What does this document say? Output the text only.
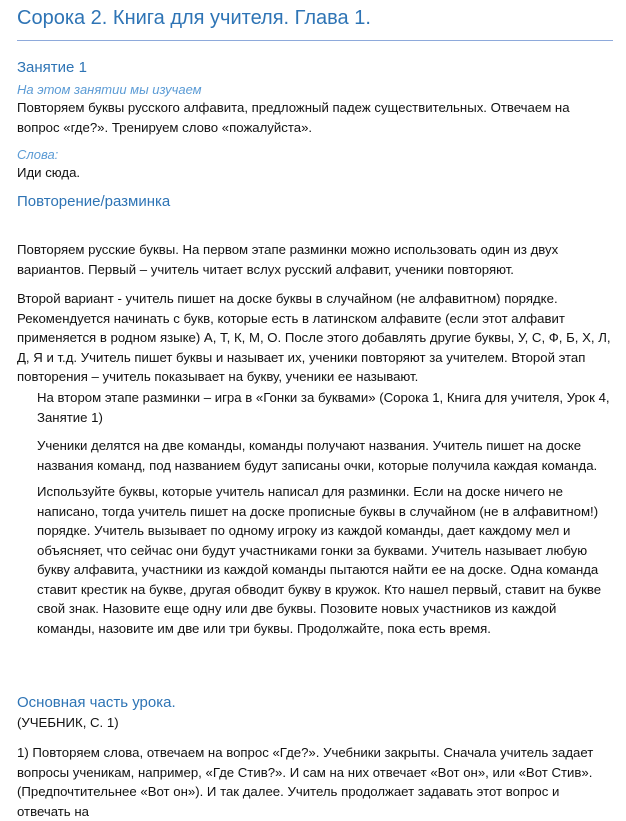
Сорока 2. Книга для учителя. Глава 1.
Занятие 1
На этом занятии мы изучаем
Повторяем буквы русского алфавита, предложный падеж существительных. Отвечаем на вопрос «где?». Тренируем слово «пожалуйста».
Слова:
Иди сюда.
Повторение/разминка
Повторяем русские буквы. На первом этапе разминки можно использовать один из двух вариантов. Первый – учитель читает вслух русский алфавит, ученики повторяют.
Второй вариант - учитель пишет на доске буквы в случайном (не алфавитном) порядке. Рекомендуется начинать с букв, которые есть в латинском алфавите (если этот алфавит применяется в родном языке) А, Т, К, М, О. После этого добавлять другие буквы, У, С, Ф, Б, Х, Л, Д, Я и т.д. Учитель пишет буквы и называет их, ученики повторяют за учителем. Второй этап повторения – учитель показывает на букву, ученики ее называют.
На втором этапе разминки – игра в «Гонки за буквами» (Сорока 1, Книга для учителя, Урок 4, Занятие 1)
Ученики делятся на две команды, команды получают названия. Учитель пишет на доске названия команд, под названием будут записаны очки, которые получила каждая команда.
Используйте буквы, которые учитель написал для разминки. Если на доске ничего не написано, тогда учитель пишет на доске прописные буквы в случайном (не в алфавитном!) порядке. Учитель вызывает по одному игроку из каждой команды, дает каждому мел и объясняет, что сейчас они будут участниками гонки за буквами. Учитель называет любую букву алфавита, участники из каждой команды пытаются найти ее на доске. Одна команда ставит крестик на букве, другая обводит букву в кружок. Кто нашел первый, ставит на букве свой знак. Назовите еще одну или две буквы. Позовите новых участников из каждой команды, назовите им две или три буквы. Продолжайте, пока есть время.
Основная часть урока.
(УЧЕБНИК, С. 1)
1) Повторяем слова, отвечаем на вопрос «Где?». Учебники закрыты. Сначала учитель задает вопросы ученикам, например, «Где Стив?». И сам на них отвечает «Вот он», или «Вот Стив». (Предпочтительнее «Вот он»). И так далее. Учитель продолжает задавать этот вопрос и отвечать на
